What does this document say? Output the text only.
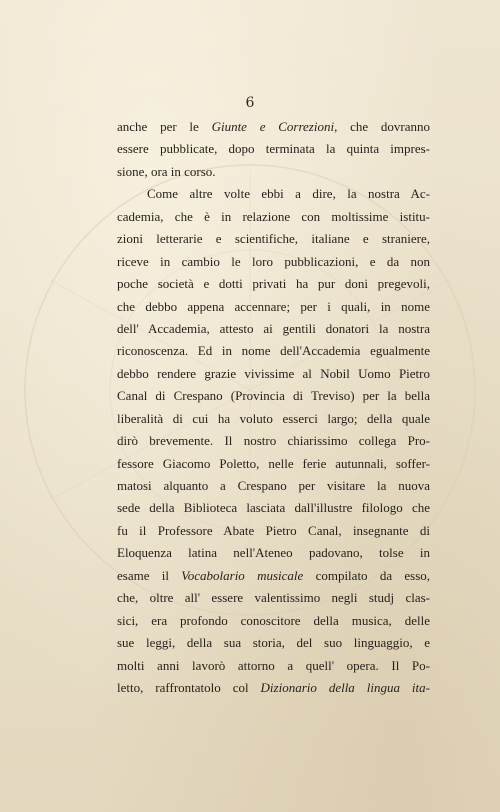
6
anche per le Giunte e Correzioni, che dovranno
essere pubblicate, dopo terminata la quinta impres-
sione, ora in corso.
Come altre volte ebbi a dire, la nostra Ac-
cademia, che è in relazione con moltissime istitu-
zioni letterarie e scientifiche, italiane e straniere,
riceve in cambio le loro pubblicazioni, e da non
poche società e dotti privati ha pur doni pregevoli,
che debbo appena accennare; per i quali, in nome
dell' Accademia, attesto ai gentili donatori la nostra
riconoscenza. Ed in nome dell'Accademia egualmente
debbo rendere grazie vivissime al Nobil Uomo Pietro
Canal di Crespano (Provincia di Treviso) per la bella
liberalità di cui ha voluto esserci largo; della quale
dirò brevemente. Il nostro chiarissimo collega Pro-
fessore Giacomo Poletto, nelle ferie autunnali, soffer-
matosi alquanto a Crespano per visitare la nuova
sede della Biblioteca lasciata dall'illustre filologo che
fu il Professore Abate Pietro Canal, insegnante di
Eloquenza latina nell'Ateneo padovano, tolse in
esame il Vocabolario musicale compilato da esso,
che, oltre all' essere valentissimo negli studj clas-
sici, era profondo conoscitore della musica, delle
sue leggi, della sua storia, del suo linguaggio, e
molti anni lavorò attorno a quell' opera. Il Po-
letto, raffrontatolo col Dizionario della lingua ita-
